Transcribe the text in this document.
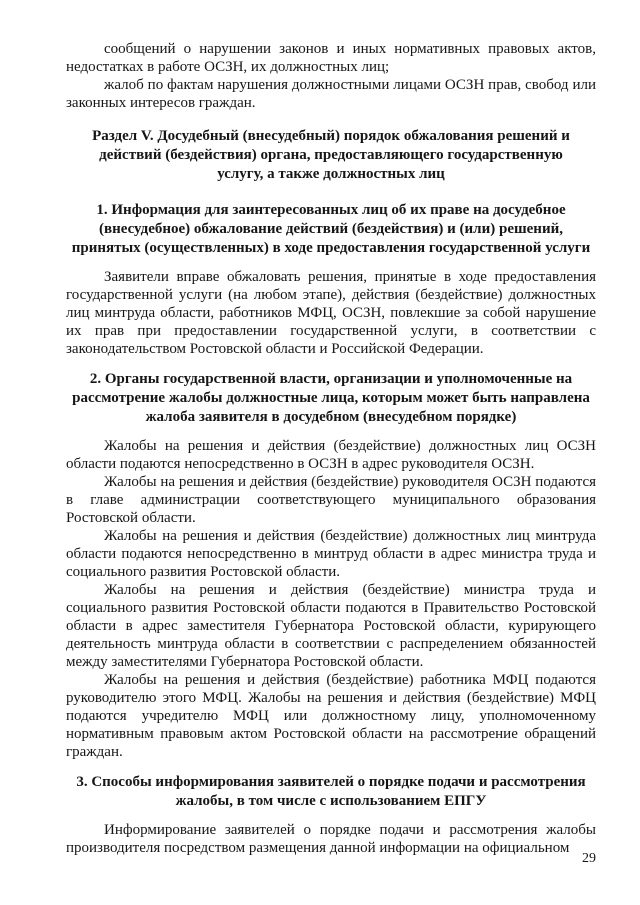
сообщений о нарушении законов и иных нормативных правовых актов, недостатках в работе ОСЗН, их должностных лиц;

жалоб по фактам нарушения должностными лицами ОСЗН прав, свобод или законных интересов граждан.

Раздел V. Досудебный (внесудебный) порядок обжалования решений и действий (бездействия) органа, предоставляющего государственную услугу, а также должностных лиц

1. Информация для заинтересованных лиц об их праве на досудебное (внесудебное) обжалование действий (бездействия) и (или) решений, принятых (осуществленных) в ходе предоставления государственной услуги

Заявители вправе обжаловать решения, принятые в ходе предоставления государственной услуги (на любом этапе), действия (бездействие) должностных лиц минтруда области, работников МФЦ, ОСЗН, повлекшие за собой нарушение их прав при предоставлении государственной услуги, в соответствии с законодательством Ростовской области и Российской Федерации.

2. Органы государственной власти, организации и уполномоченные на рассмотрение жалобы должностные лица, которым может быть направлена жалоба заявителя в досудебном (внесудебном порядке)

Жалобы на решения и действия (бездействие) должностных лиц ОСЗН области подаются непосредственно в ОСЗН в адрес руководителя ОСЗН.

Жалобы на решения и действия (бездействие) руководителя ОСЗН подаются в главе администрации соответствующего муниципального образования Ростовской области.

Жалобы на решения и действия (бездействие) должностных лиц минтруда области подаются непосредственно в минтруд области в адрес министра труда и социального развития Ростовской области.

Жалобы на решения и действия (бездействие) министра труда и социального развития Ростовской области подаются в Правительство Ростовской области в адрес заместителя Губернатора Ростовской области, курирующего деятельность минтруда области в соответствии с распределением обязанностей между заместителями Губернатора Ростовской области.

Жалобы на решения и действия (бездействие) работника МФЦ подаются руководителю этого МФЦ. Жалобы на решения и действия (бездействие) МФЦ подаются учредителю МФЦ или должностному лицу, уполномоченному нормативным правовым актом Ростовской области на рассмотрение обращений граждан.

3. Способы информирования заявителей о порядке подачи и рассмотрения жалобы, в том числе с использованием ЕПГУ

Информирование заявителей о порядке подачи и рассмотрения жалобы производителя посредством размещения данной информации на официальном

29
